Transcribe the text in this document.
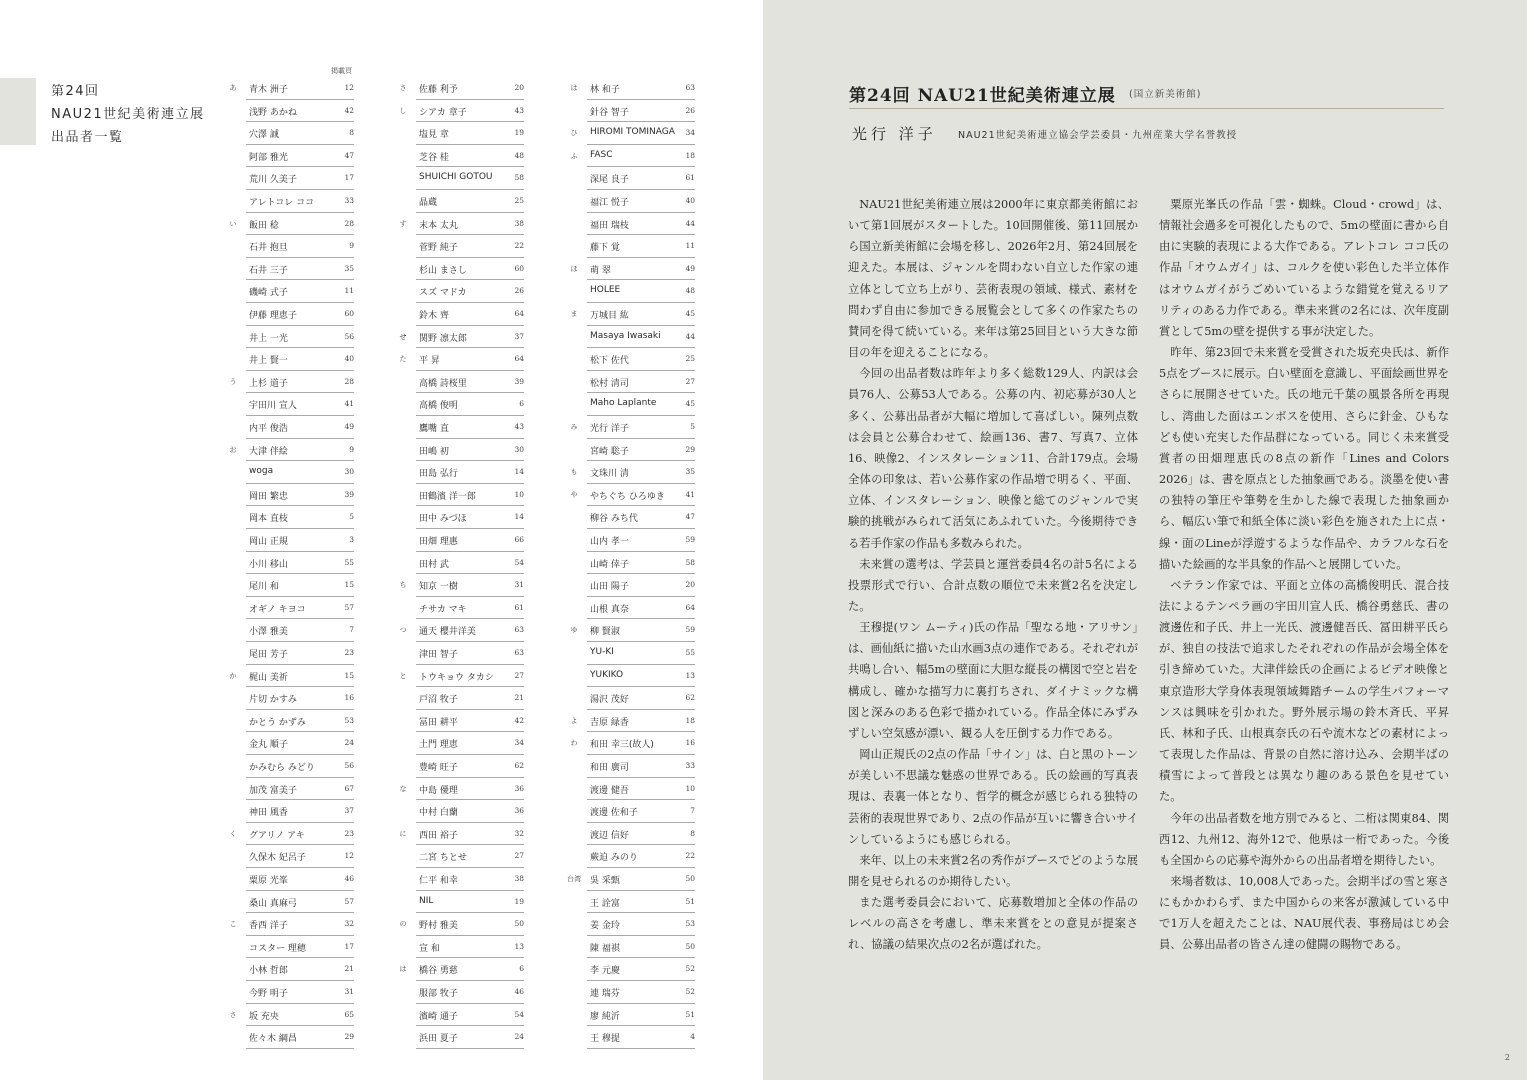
第24回
NAU21世紀美術連立展
出品者一覧
掲載頁
あ	青木 洲子	12
浅野 あかね	42
穴澤 誠	8
阿部 雅光	47
荒川 久美子	17
アレトコレ ココ	33
い	飯田 稔	28
石井 抱旦	9
石井 三子	35
磯崎 式子	11
伊藤 理恵子	60
井上 一光	56
井上 賢一	40
う	上杉 道子	28
宇田川 宣人	41
内平 俊浩	49
お	大津 伴絵	9
woga	30
岡田 繁忠	39
岡本 直枝	5
岡山 正規	3
小川 移山	55
尾川 和	15
オギノ キヨコ	57
小澤 雅美	7
尾田 芳子	23
か	梶山 美祈	15
片切 かすみ	16
かとう かずみ	53
金丸 順子	24
かみむら みどり	56
加茂 富美子	67
神田 風香	37
く	グアリノ アキ	23
久保木 妃呂子	12
粟原 光峯	46
桑山 真麻弓	57
こ	香西 洋子	32
コスター 理穂	17
小林 哲郎	21
今野 明子	31
さ	坂 充央	65
佐々木 綱昌	29
さ	佐藤 利予	20
し	シアカ 章子	43
塩見 章	19
芝谷 桂	48
SHUICHI GOTOU	58
晶蔵	25
す	末本 太丸	38
菅野 純子	22
杉山 まさし	60
スズ マドカ	26
鈴木 齊	64
せ	関野 凛太郎	37
た	平 昇	64
高橋 詩桜里	39
高橋 俊明	6
鷹嘴 直	43
田嶋 初	30
田島 弘行	14
田鶴濱 洋一郎	10
田中 みづほ	14
田畑 理惠	66
田村 武	54
ち	知京 一樹	31
チサカ マキ	61
つ	通天 櫻井洋美	63
津田 智子	63
と	トウキョウ タカシ	27
戸沼 牧子	21
冨田 耕平	42
土門 理恵	34
豊崎 旺子	62
な	中島 優理	36
中村 白蘭	36
に	西田 裕子	32
二宮 ちとせ	27
仁平 和幸	38
NIL	19
の	野村 雅美	50
宣 和	13
は	橋谷 勇慈	6
服部 牧子	46
濱崎 通子	54
浜田 夏子	24
は	林 和子	63
針谷 智子	26
ひ	HIROMI TOMINAGA	34
ふ	FASC	18
深尾 良子	61
福江 悦子	40
福田 瑞枝	44
藤下 覚	11
ほ	萌 翠	49
HOLEE	48
ま	万城目 紘	45
Masaya Iwasaki	44
松下 佐代	25
松村 清司	27
Maho Laplante	45
み	光行 洋子	5
宮崎 聡子	29
も	文珠川 清	35
や	やちぐち ひろゆき	41
柳谷 みち代	47
山内 孝一	59
山崎 倖子	58
山田 陽子	20
山根 真奈	64
ゆ	柳 賢淑	59
YU-KI	55
YUKIKO	13
湯沢 茂好	62
よ	吉原 緑香	18
わ	和田 幸三(故人)	16
和田 廣司	33
渡邊 健吾	10
渡邊 佐和子	7
渡辺 信好	8
蕨迫 みのり	22
台湾	吳 采甄	50
王 詮富	51
姜 金玲	53
陳 福祺	50
李 元慶	52
連 瑞芬	52
廖 純沂	51
王 穆提	4
第24回 NAU21世紀美術連立展 (国立新美術館)
光行 洋子 NAU21世紀美術連立協会学芸委員・九州産業大学名誉教授

NAU21世紀美術連立展は2000年に東京都美術館において第1回展がスタートした。10回開催後、第11回展から国立新美術館に会場を移し、2026年2月、第24回展を迎えた。本展は、ジャンルを問わない自立した作家の連立体として立ち上がり、芸術表現の領域、様式、素材を問わず自由に参加できる展覧会として多くの作家たちの賛同を得て続いている。来年は第25回目という大きな節目の年を迎えることになる。

今回の出品者数は昨年より多く総数129人、内訳は会員76人、公募53人である。公募の内、初応募が30人と多く、公募出品者が大幅に増加して喜ばしい。陳列点数は会員と公募合わせて、絵画136、書7、写真7、立体16、映像2、インスタレーション11、合計179点。会場全体の印象は、若い公募作家の作品増で明るく、平面、立体、インスタレーション、映像と総てのジャンルで実験的挑戦がみられて活気にあふれていた。今後期待できる若手作家の作品も多数みられた。

未来賞の選考は、学芸員と運営委員4名の計5名による投票形式で行い、合計点数の順位で未来賞2名を決定した。

王穆提(ワン ムーティ)氏の作品「聖なる地・アリサン」は、画仙紙に描いた山水画3点の連作である。それぞれが共鳴し合い、幅5mの壁面に大胆な縦長の構図で空と岩を構成し、確かな描写力に裏打ちされ、ダイナミックな構図と深みのある色彩で描かれている。作品全体にみずみずしい空気感が漂い、観る人を圧倒する力作である。

岡山正規氏の2点の作品「サイン」は、白と黒のトーンが美しい不思議な魅惑の世界である。氏の絵画的写真表現は、表裏一体となり、哲学的概念が感じられる独特の芸術的表現世界であり、2点の作品が互いに響き合いサインしているようにも感じられる。

来年、以上の未来賞2名の秀作がブースでどのような展開を見せられるのか期待したい。

また選考委員会において、応募数増加と全体の作品のレベルの高さを考慮し、準未来賞をとの意見が提案され、協議の結果次点の2名が選ばれた。

粟原光峯氏の作品「雲・蜘蛛。Cloud・crowd」は、情報社会過多を可視化したもので、5mの壁面に書から自由に実験的表現による大作である。アレトコレ ココ氏の作品「オウムガイ」は、コルクを使い彩色した半立体作はオウムガイがうごめいているような錯覚を覚えるリアリティのある力作である。準未来賞の2名には、次年度副賞として5mの壁を提供する事が決定した。

昨年、第23回で未来賞を受賞された坂充央氏は、新作5点をブースに展示。白い壁面を意識し、平面絵画世界をさらに展開させていた。氏の地元千葉の風景各所を再現し、湾曲した面はエンボスを使用、さらに針金、ひもなども使い充実した作品群になっている。同じく未来賞受賞者の田畑理恵氏の8点の新作「Lines and Colors 2026」は、書を原点とした抽象画である。淡墨を使い書の独特の筆圧や筆勢を生かした線で表現した抽象画から、幅広い筆で和紙全体に淡い彩色を施された上に点・線・面のLineが浮遊するような作品や、カラフルな石を描いた絵画的な半具象的作品へと展開していた。

ベテラン作家では、平面と立体の高橋俊明氏、混合技法によるテンペラ画の宇田川宣人氏、橋谷勇慈氏、書の渡邊佐和子氏、井上一光氏、渡邊健吾氏、冨田耕平氏らが、独自の技法で追求したそれぞれの作品が会場全体を引き締めていた。大津伴絵氏の企画によるビデオ映像と東京造形大学身体表現領域舞踏チームの学生パフォーマンスは興味を引かれた。野外展示場の鈴木斉氏、平昇氏、林和子氏、山根真奈氏の石や流木などの素材によって表現した作品は、背景の自然に溶け込み、会期半ばの積雪によって普段とは異なり趣のある景色を見せていた。

今年の出品者数を地方別でみると、二桁は関東84、関西12、九州12、海外12で、他県は一桁であった。今後も全国からの応募や海外からの出品者増を期待したい。

来場者数は、10,008人であった。会期半ばの雪と寒さにもかかわらず、また中国からの来客が激減している中で1万人を超えたことは、NAU展代表、事務局はじめ会員、公募出品者の皆さん達の健闘の賜物である。

2
